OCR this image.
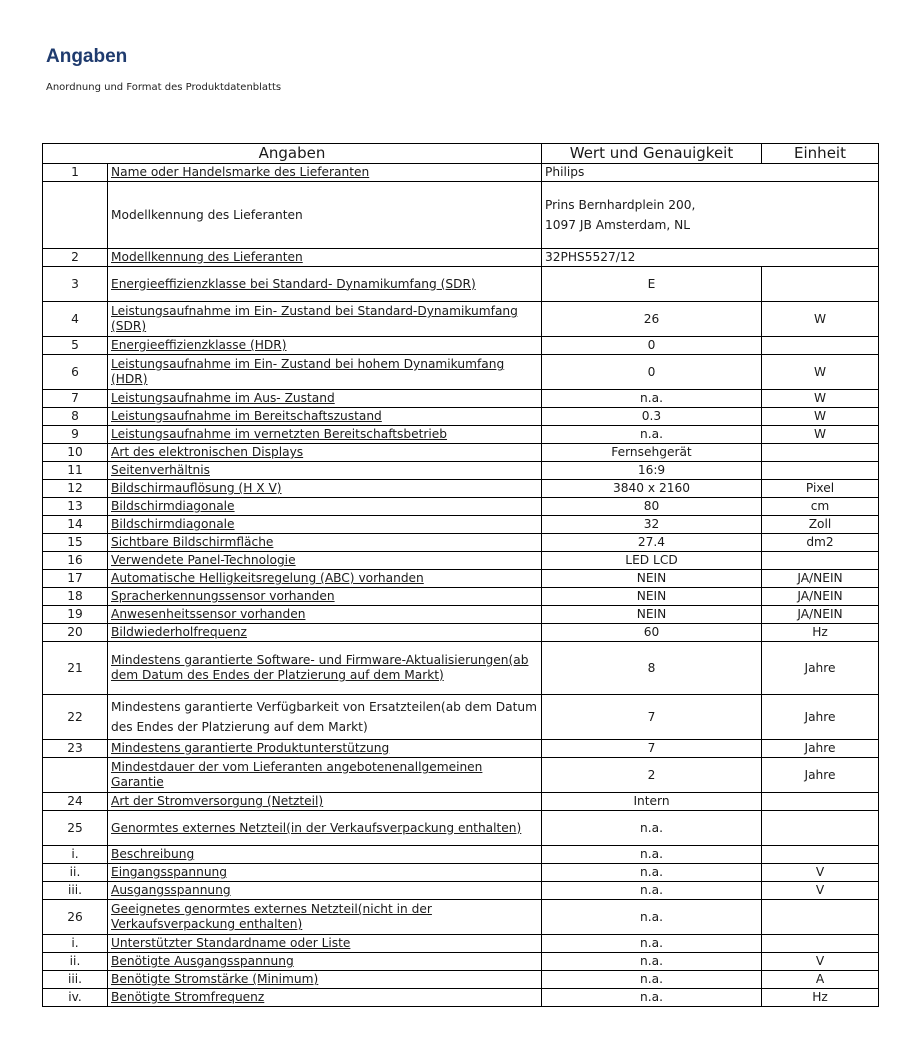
Angaben

Anordnung und Format des Produktdatenblatts

Angaben		Wert und Genauigkeit	Einheit
1	Name oder Handelsmarke des Lieferanten	Philips	
	Modellkennung des Lieferanten	Prins Bernhardplein 200,
1097 JB Amsterdam, NL	
2	Modellkennung des Lieferanten	32PHS5527/12	
3	Energieeffizienzklasse bei Standard- Dynamikumfang (SDR)	E	
4	Leistungsaufnahme im Ein- Zustand bei Standard-Dynamikumfang (SDR)	26	W
5	Energieeffizienzklasse (HDR)	0	
6	Leistungsaufnahme im Ein- Zustand bei hohem Dynamikumfang (HDR)	0	W
7	Leistungsaufnahme im Aus- Zustand	n.a.	W
8	Leistungsaufnahme im Bereitschaftszustand	0.3	W
9	Leistungsaufnahme im vernetzten Bereitschaftsbetrieb	n.a.	W
10	Art des elektronischen Displays	Fernsehgerät	
11	Seitenverhältnis	16:9	
12	Bildschirmauflösung (H X V)	3840 x 2160	Pixel
13	Bildschirmdiagonale	80	cm
14	Bildschirmdiagonale	32	Zoll
15	Sichtbare Bildschirmfläche	27.4	dm2
16	Verwendete Panel-Technologie	LED LCD	
17	Automatische Helligkeitsregelung (ABC) vorhanden	NEIN	JA/NEIN
18	Spracherkennungssensor vorhanden	NEIN	JA/NEIN
19	Anwesenheitssensor vorhanden	NEIN	JA/NEIN
20	Bildwiederholfrequenz	60	Hz
21	Mindestens garantierte Software- und Firmware-Aktualisierungen(ab dem Datum des Endes der Platzierung auf dem Markt)	8	Jahre
22	Mindestens garantierte Verfügbarkeit von Ersatzteilen(ab dem Datum des Endes der Platzierung auf dem Markt)	7	Jahre
23	Mindestens garantierte Produktunterstützung	7	Jahre
	Mindestdauer der vom Lieferanten angebotenenallgemeinen Garantie	2	Jahre
24	Art der Stromversorgung (Netzteil)	Intern	
25	Genormtes externes Netzteil(in der Verkaufsverpackung enthalten)	n.a.	
i.	Beschreibung	n.a.	
ii.	Eingangsspannung	n.a.	V
iii.	Ausgangsspannung	n.a.	V
26	Geeignetes genormtes externes Netzteil(nicht in der Verkaufsverpackung enthalten)	n.a.	
i.	Unterstützter Standardname oder Liste	n.a.	
ii.	Benötigte Ausgangsspannung	n.a.	V
iii.	Benötigte Stromstärke (Minimum)	n.a.	A
iv.	Benötigte Stromfrequenz	n.a.	Hz
